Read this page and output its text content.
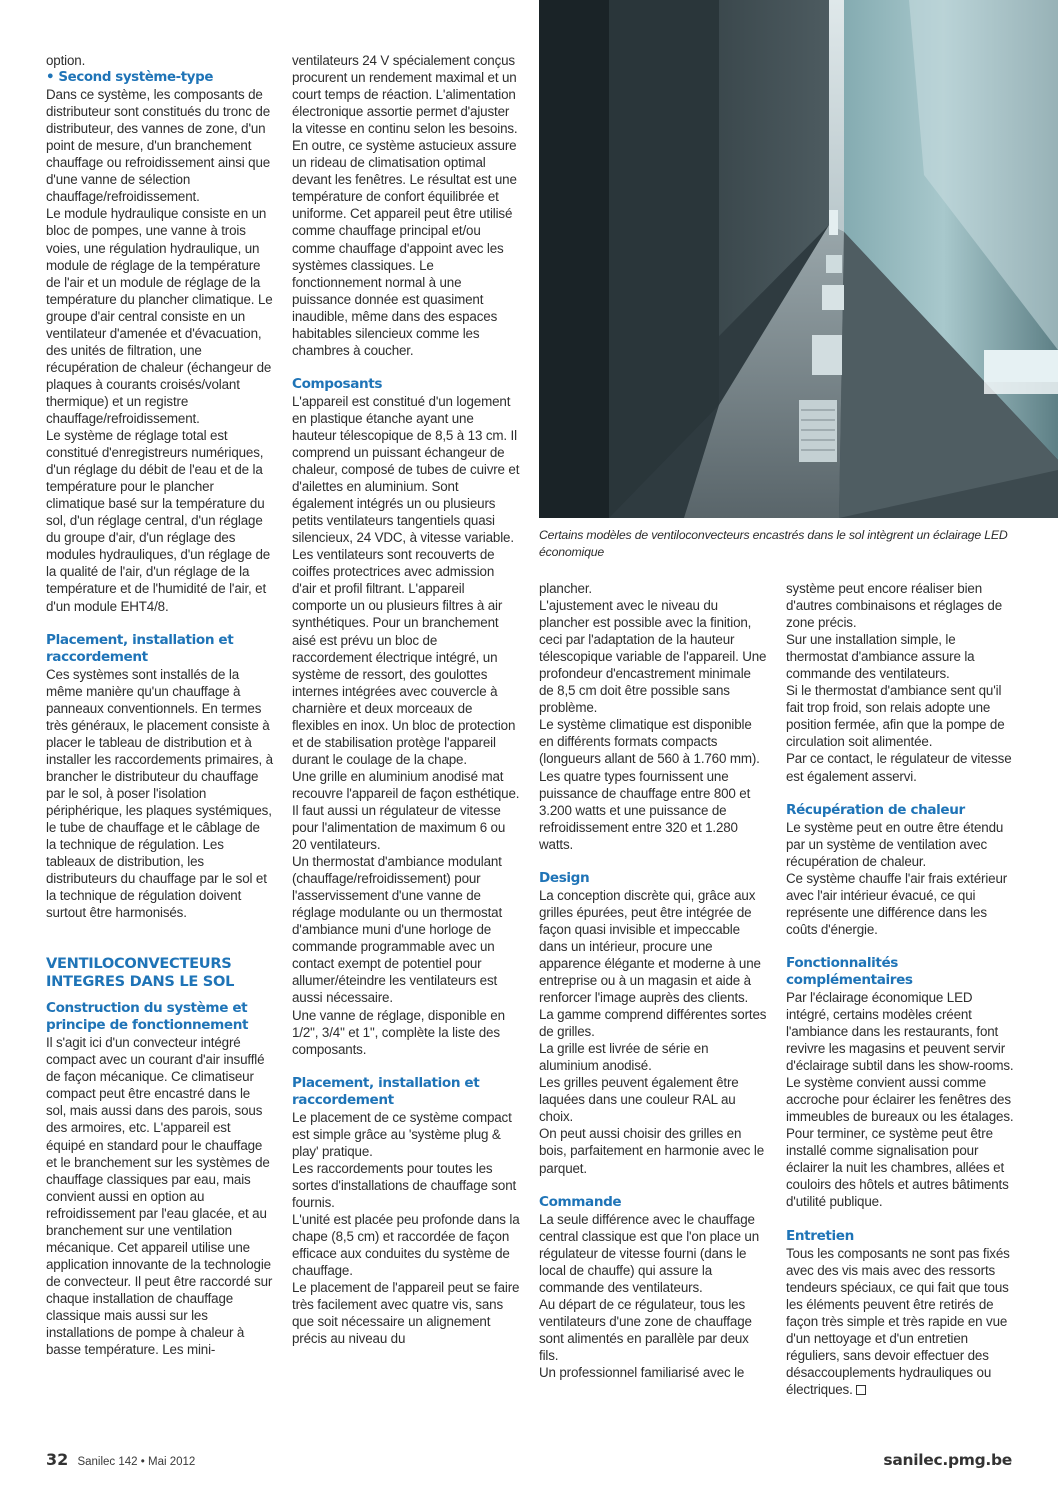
option.

• Second système-type

Dans ce système, les composants de distributeur sont constitués du tronc de distributeur, des vannes de zone, d'un point de mesure, d'un branchement chauffage ou refroidissement ainsi que d'une vanne de sélection chauffage/refroidissement.

Le module hydraulique consiste en un bloc de pompes, une vanne à trois voies, une régulation hydraulique, un module de réglage de la température de l'air et un module de réglage de la température du plancher climatique. Le groupe d'air central consiste en un ventilateur d'amenée et d'évacuation, des unités de filtration, une récupération de chaleur (échangeur de plaques à courants croisés/volant thermique) et un registre chauffage/refroidissement.

Le système de réglage total est constitué d'enregistreurs numériques, d'un réglage du débit de l'eau et de la température pour le plancher climatique basé sur la température du sol, d'un réglage central, d'un réglage du groupe d'air, d'un réglage des modules hydrauliques, d'un réglage de la qualité de l'air, d'un réglage de la température et de l'humidité de l'air, et d'un module EHT4/8.

Placement, installation et raccordement

Ces systèmes sont installés de la même manière qu'un chauffage à panneaux conventionnels. En termes très généraux, le placement consiste à placer le tableau de distribution et à installer les raccordements primaires, à brancher le distributeur du chauffage par le sol, à poser l'isolation périphérique, les plaques systémiques, le tube de chauffage et le câblage de la technique de régulation. Les tableaux de distribution, les distributeurs du chauffage par le sol et la technique de régulation doivent surtout être harmonisés.

VENTILOCONVECTEURS INTEGRES DANS LE SOL
Construction du système et principe de fonctionnement

Il s'agit ici d'un convecteur intégré compact avec un courant d'air insufflé de façon mécanique. Ce climatiseur compact peut être encastré dans le sol, mais aussi dans des parois, sous des armoires, etc. L'appareil est équipé en standard pour le chauffage et le branchement sur les systèmes de chauffage classiques par eau, mais convient aussi en option au refroidissement par l'eau glacée, et au branchement sur une ventilation mécanique. Cet appareil utilise une application innovante de la technologie de convecteur. Il peut être raccordé sur chaque installation de chauffage classique mais aussi sur les installations de pompe à chaleur à basse température. Les mini-

ventilateurs 24 V spécialement conçus procurent un rendement maximal et un court temps de réaction. L'alimentation électronique assortie permet d'ajuster la vitesse en continu selon les besoins. En outre, ce système astucieux assure un rideau de climatisation optimal devant les fenêtres. Le résultat est une température de confort équilibrée et uniforme. Cet appareil peut être utilisé comme chauffage principal et/ou comme chauffage d'appoint avec les systèmes classiques. Le fonctionnement normal à une puissance donnée est quasiment inaudible, même dans des espaces habitables silencieux comme les chambres à coucher.

Composants

L'appareil est constitué d'un logement en plastique étanche ayant une hauteur télescopique de 8,5 à 13 cm. Il comprend un puissant échangeur de chaleur, composé de tubes de cuivre et d'ailettes en aluminium. Sont également intégrés un ou plusieurs petits ventilateurs tangentiels quasi silencieux, 24 VDC, à vitesse variable.

Les ventilateurs sont recouverts de coiffes protectrices avec admission d'air et profil filtrant. L'appareil comporte un ou plusieurs filtres à air synthétiques. Pour un branchement aisé est prévu un bloc de raccordement électrique intégré, un système de ressort, des goulottes internes intégrées avec couvercle à charnière et deux morceaux de flexibles en inox. Un bloc de protection et de stabilisation protège l'appareil durant le coulage de la chape.

Une grille en aluminium anodisé mat recouvre l'appareil de façon esthétique.

Il faut aussi un régulateur de vitesse pour l'alimentation de maximum 6 ou 20 ventilateurs.

Un thermostat d'ambiance modulant (chauffage/refroidissement) pour l'asservissement d'une vanne de réglage modulante ou un thermostat d'ambiance muni d'une horloge de commande programmable avec un contact exempt de potentiel pour allumer/éteindre les ventilateurs est aussi nécessaire.

Une vanne de réglage, disponible en 1/2", 3/4" et 1", complète la liste des composants.

Placement, installation et raccordement

Le placement de ce système compact est simple grâce au 'système plug & play' pratique.

Les raccordements pour toutes les sortes d'installations de chauffage sont fournis.

L'unité est placée peu profonde dans la chape (8,5 cm) et raccordée de façon efficace aux conduites du système de chauffage.

Le placement de l'appareil peut se faire très facilement avec quatre vis, sans que soit nécessaire un alignement précis au niveau du

Certains modèles de ventiloconvecteurs encastrés dans le sol intègrent un éclairage LED économique

plancher.

L'ajustement avec le niveau du plancher est possible avec la finition, ceci par l'adaptation de la hauteur télescopique variable de l'appareil. Une profondeur d'encastrement minimale de 8,5 cm doit être possible sans problème.

Le système climatique est disponible en différents formats compacts (longueurs allant de 560 à 1.760 mm).

Les quatre types fournissent une puissance de chauffage entre 800 et 3.200 watts et une puissance de refroidissement entre 320 et 1.280 watts.

Design

La conception discrète qui, grâce aux grilles épurées, peut être intégrée de façon quasi invisible et impeccable dans un intérieur, procure une apparence élégante et moderne à une entreprise ou à un magasin et aide à renforcer l'image auprès des clients.

La gamme comprend différentes sortes de grilles.

La grille est livrée de série en aluminium anodisé.

Les grilles peuvent également être laquées dans une couleur RAL au choix.

On peut aussi choisir des grilles en bois, parfaitement en harmonie avec le parquet.

Commande

La seule différence avec le chauffage central classique est que l'on place un régulateur de vitesse fourni (dans le local de chauffe) qui assure la commande des ventilateurs.

Au départ de ce régulateur, tous les ventilateurs d'une zone de chauffage sont alimentés en parallèle par deux fils.

Un professionnel familiarisé avec le

système peut encore réaliser bien d'autres combinaisons et réglages de zone précis.

Sur une installation simple, le thermostat d'ambiance assure la commande des ventilateurs.

Si le thermostat d'ambiance sent qu'il fait trop froid, son relais adopte une position fermée, afin que la pompe de circulation soit alimentée.

Par ce contact, le régulateur de vitesse est également asservi.

Récupération de chaleur

Le système peut en outre être étendu par un système de ventilation avec récupération de chaleur.

Ce système chauffe l'air frais extérieur avec l'air intérieur évacué, ce qui représente une différence dans les coûts d'énergie.

Fonctionnalités complémentaires

Par l'éclairage économique LED intégré, certains modèles créent l'ambiance dans les restaurants, font revivre les magasins et peuvent servir d'éclairage subtil dans les show-rooms.

Le système convient aussi comme accroche pour éclairer les fenêtres des immeubles de bureaux ou les étalages.

Pour terminer, ce système peut être installé comme signalisation pour éclairer la nuit les chambres, allées et couloirs des hôtels et autres bâtiments d'utilité publique.

Entretien

Tous les composants ne sont pas fixés avec des vis mais avec des ressorts tendeurs spéciaux, ce qui fait que tous les éléments peuvent être retirés de façon très simple et très rapide en vue d'un nettoyage et d'un entretien réguliers, sans devoir effectuer des désaccouplements hydrauliques ou électriques.

32 Sanilec 142 • Mai 2012	sanilec.pmg.be
